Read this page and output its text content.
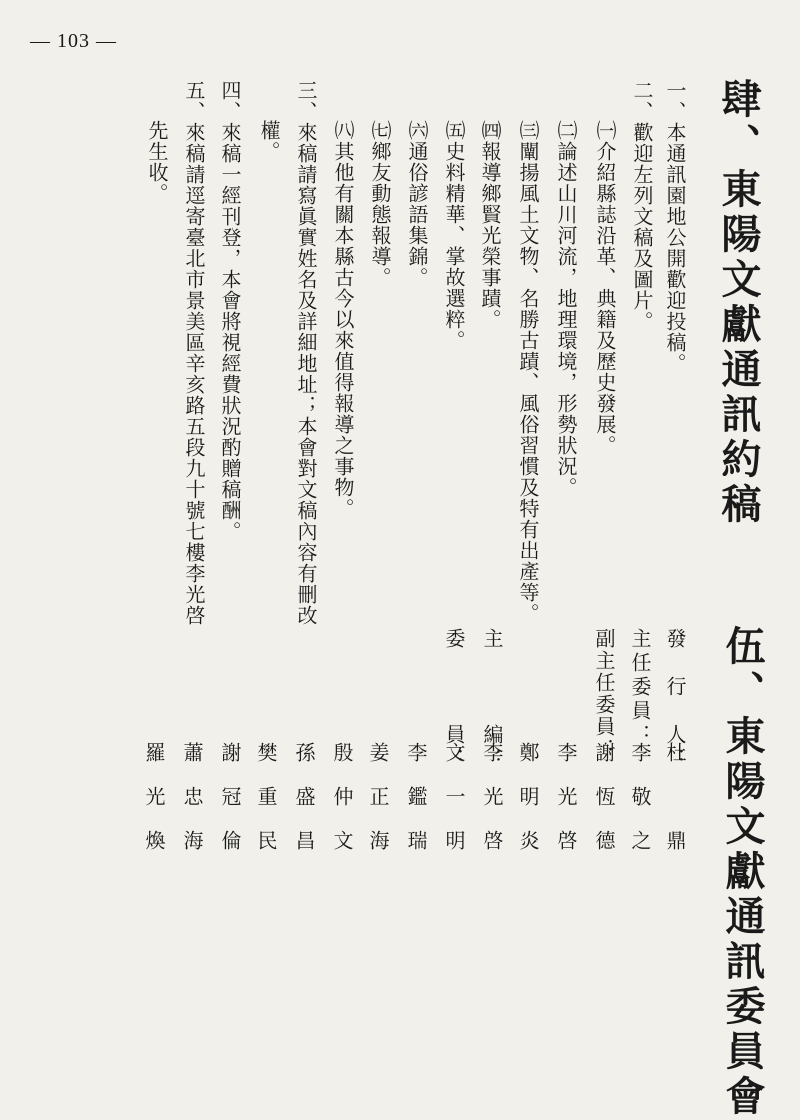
— 103 —
肆、東陽文獻通訊約稿
一、本通訊園地公開歡迎投稿。
二、歡迎左列文稿及圖片。
㈠介紹縣誌沿革、典籍及歷史發展。
㈡論述山川河流，地理環境，形勢狀況。
㈢闡揚風土文物、名勝古蹟、風俗習慣及特有出產等。
㈣報導鄉賢光榮事蹟。
㈤史料精華、掌故選粹。
㈥通俗諺語集錦。
㈦鄉友動態報導。
㈧其他有關本縣古今以來值得報導之事物。
三、來稿請寫眞實姓名及詳細地址；本會對文稿內容有刪改
權。
四、來稿一經刊登，本會將視經費狀況酌贈稿酬。
五、來稿請逕寄臺北市景美區辛亥路五段九十號七樓李光啓
先生收。
伍、東陽文獻通訊委員會
發　行　人：
主任委員：
副主任委員：
主　　　編：
委　　　員：
杜　鼎
李敬之
謝恆德
李光啓
鄭明炎
李光啓
文一明
李鑑瑞
姜正海
殷仲文
孫盛昌
樊重民
謝冠倫
蕭忠海
羅光煥
